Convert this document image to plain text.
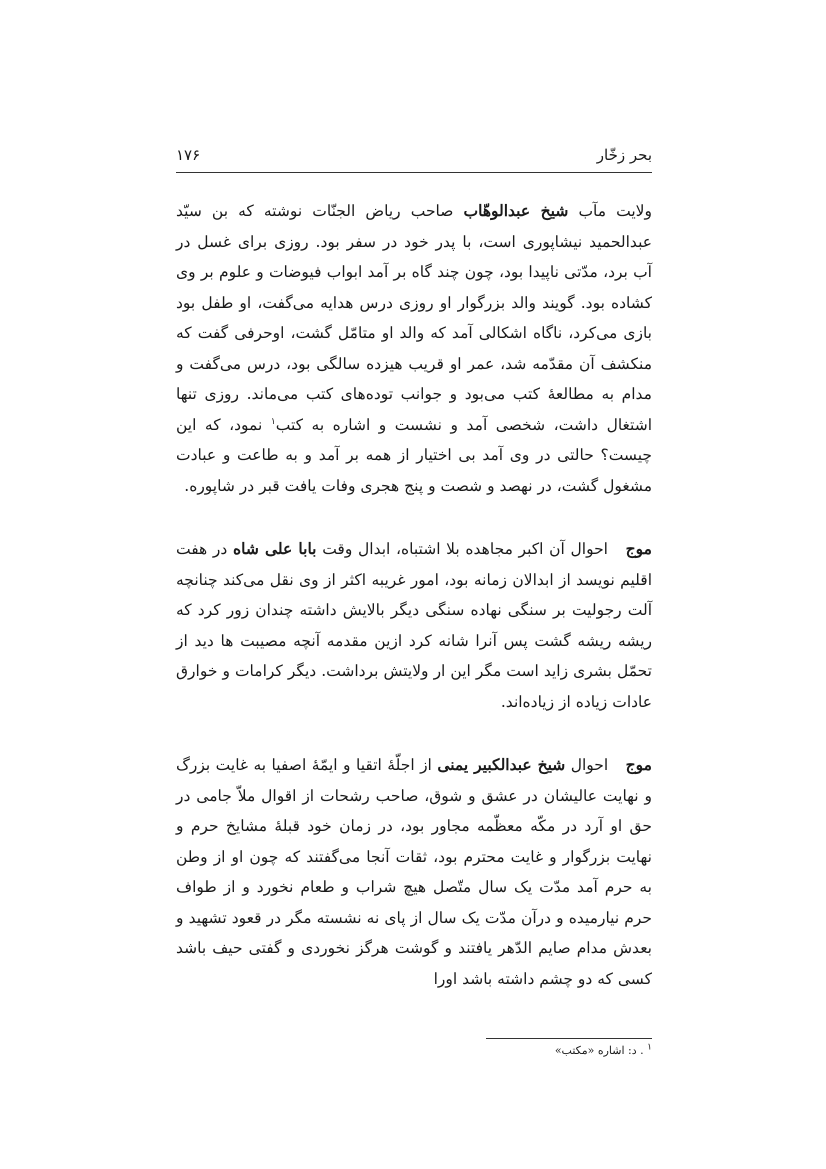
بحر زخّار
۱۷۶

ولایت مآب شیخ عبدالوهّاب صاحب ریاض الجنّات نوشته که بن سیّد عبدالحمید نیشاپوری است، با پدر خود در سفر بود. روزی برای غسل در آب برد، مدّتی ناپیدا بود، چون چند گاه بر آمد ابواب فیوضات و علوم بر وی کشاده بود. گویند والد بزرگوار او روزی درس هدایه می‌گفت، او طفل بود بازی می‌کرد، ناگاه اشکالی آمد که والد او متامّل گشت، اوحرفی گفت که منکشف آن مقدّمه شد، عمر او قریب هیزده سالگی بود، درس می‌گفت و مدام به مطالعهٔ کتب می‌بود و جوانب توده‌های کتب می‌ماند. روزی تنها اشتغال داشت، شخصی آمد و نشست و اشاره به کتب$^۱$ نمود، که این چیست؟ حالتی در وی آمد بی اختیار از همه بر آمد و به طاعت و عبادت مشغول گشت، در نهصد و شصت و پنج هجری وفات یافت قبر در شاپوره.

موج احوال آن اکبر مجاهده بلا اشتباه، ابدال وقت بابا علی شاه در هفت اقلیم نویسد از ابدالان زمانه بود، امور غریبه اکثر از وی نقل می‌کند چنانچه آلت رجولیت بر سنگی نهاده سنگی دیگر بالایش داشته چندان زور کرد که ریشه ریشه گشت پس آنرا شانه کرد ازین مقدمه آنچه مصیبت ها دید از تحمّل بشری زاید است مگر این ار ولایتش برداشت. دیگر کرامات و خوارق عادات زیاده از زیاده‌اند.

موج احوال شیخ عبدالکبیر یمنی از اجلّهٔ اتقیا و ایمّهٔ اصفیا به غایت بزرگ و نهایت عالیشان در عشق و شوق، صاحب رشحات از اقوال ملاّ جامی در حق او آرد در مکّه معظّمه مجاور بود، در زمان خود قبلهٔ مشایخ حرم و نهایت بزرگوار و غایت محترم بود، ثقات آنجا می‌گفتند که چون او از وطن به حرم آمد مدّت یک سال متّصل هیچ شراب و طعام نخورد و از طواف حرم نیارمیده و درآن مدّت یک سال از پای نه نشسته مگر در قعود تشهید و بعدش مدام صایم الدّهر یافتند و گوشت هرگز نخوردی و گفتی حیف باشد کسی که دو چشم داشته باشد اورا

$^۱$ . د: اشاره «مکتب»
